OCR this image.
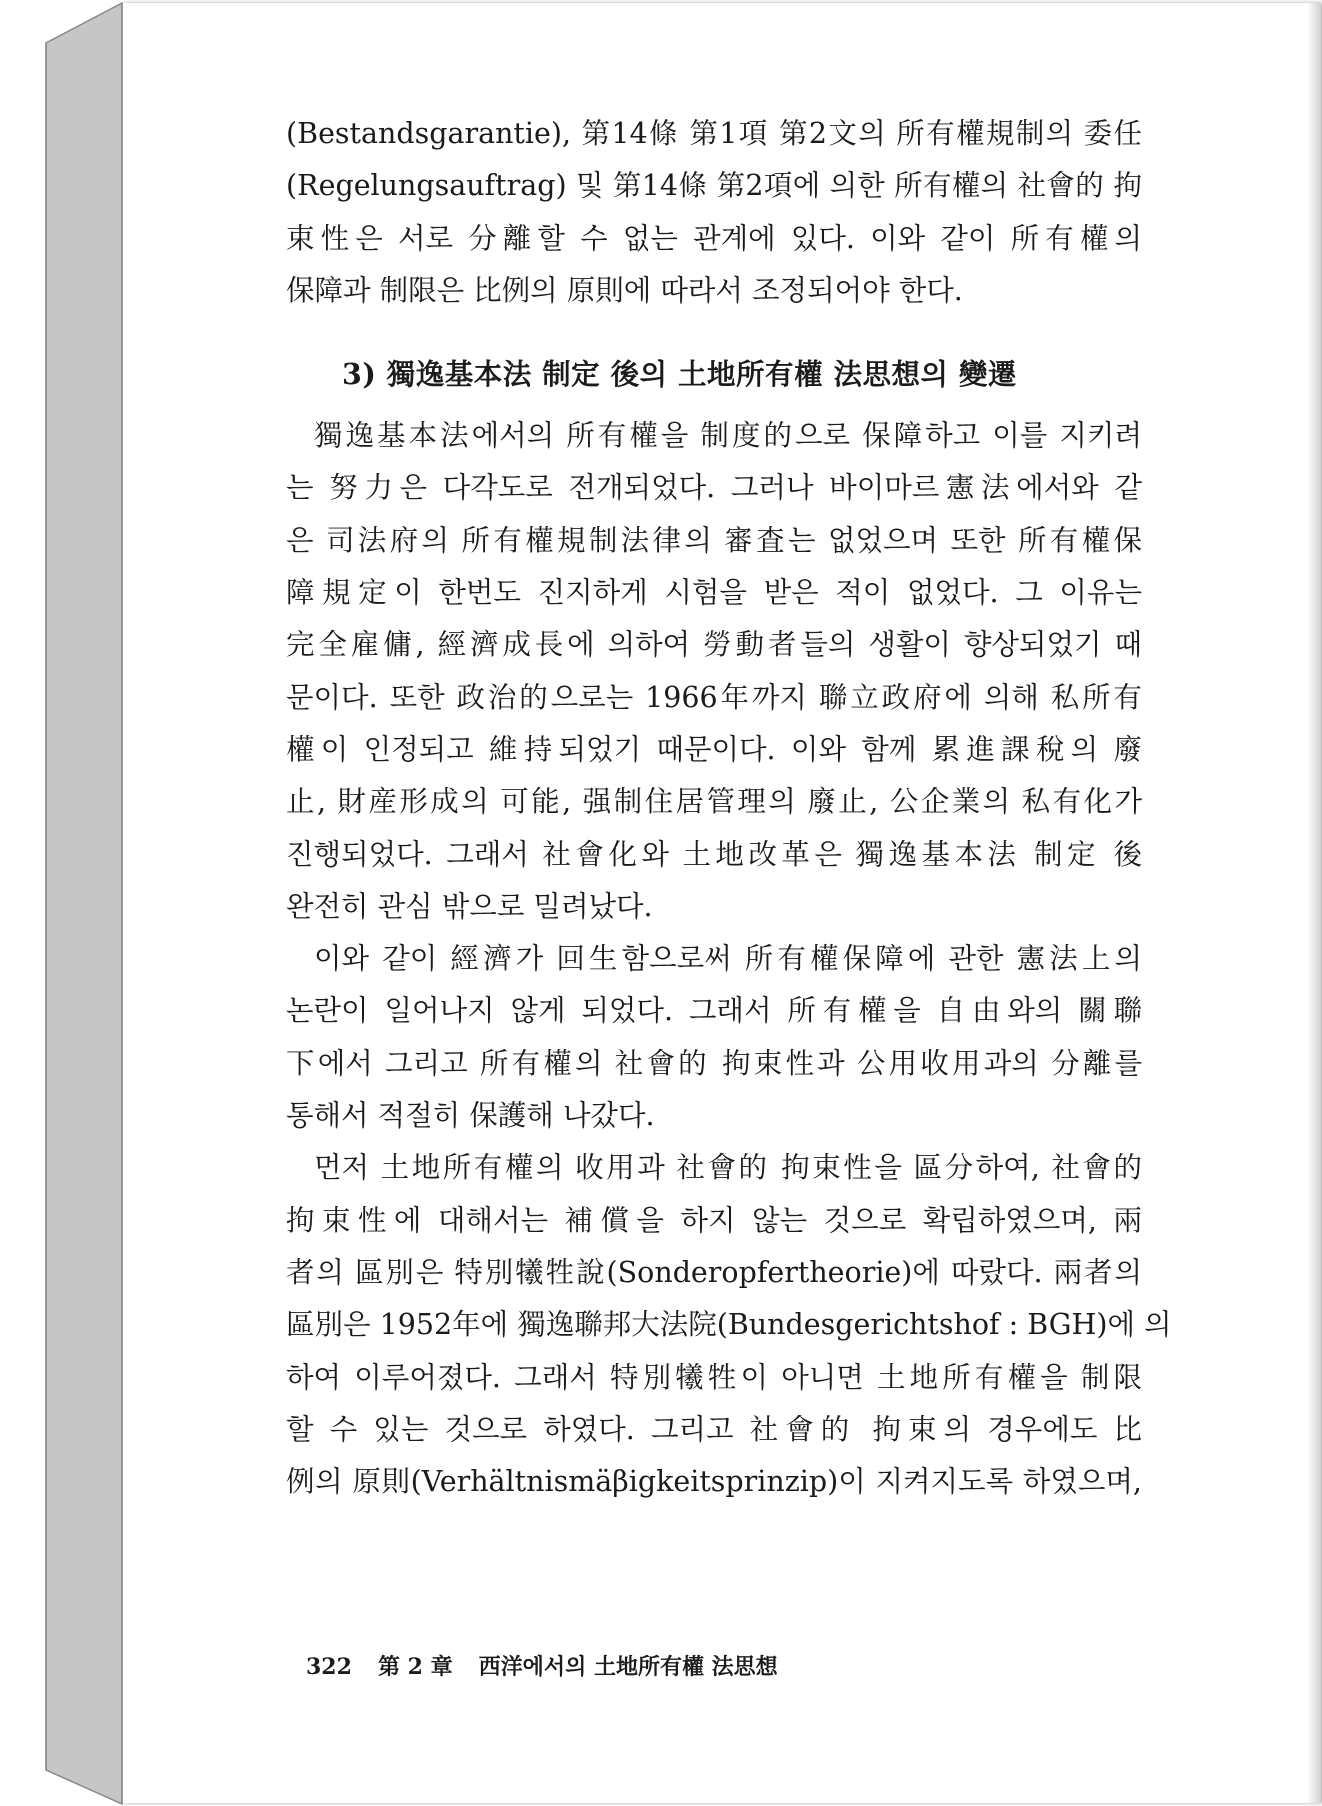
(Bestandsgarantie), 第14條 第1項 第2文의 所有權規制의 委任
(Regelungsauftrag) 및 第14條 第2項에 의한 所有權의 社會的 拘
束性은 서로 分離할 수 없는 관계에 있다. 이와 같이 所有權의
保障과 制限은 比例의 原則에 따라서 조정되어야 한다.
3) 獨逸基本法 制定 後의 土地所有權 法思想의 變遷
獨逸基本法에서의 所有權을 制度的으로 保障하고 이를 지키려
는 努力은 다각도로 전개되었다. 그러나 바이마르憲法에서와 같
은 司法府의 所有權規制法律의 審査는 없었으며 또한 所有權保
障規定이 한번도 진지하게 시험을 받은 적이 없었다. 그 이유는
完全雇傭, 經濟成長에 의하여 勞動者들의 생활이 향상되었기 때
문이다. 또한 政治的으로는 1966年까지 聯立政府에 의해 私所有
權이 인정되고 維持되었기 때문이다. 이와 함께 累進課稅의 廢
止, 財産形成의 可能, 强制住居管理의 廢止, 公企業의 私有化가
진행되었다. 그래서 社會化와 土地改革은 獨逸基本法 制定 後
완전히 관심 밖으로 밀려났다.
이와 같이 經濟가 回生함으로써 所有權保障에 관한 憲法上의
논란이 일어나지 않게 되었다. 그래서 所有權을 自由와의 關聯
下에서 그리고 所有權의 社會的 拘束性과 公用收用과의 分離를
통해서 적절히 保護해 나갔다.
먼저 土地所有權의 收用과 社會的 拘束性을 區分하여, 社會的
拘束性에 대해서는 補償을 하지 않는 것으로 확립하였으며, 兩
者의 區別은 特別犧牲說(Sonderopfertheorie)에 따랐다. 兩者의
區別은 1952年에 獨逸聯邦大法院(Bundesgerichtshof : BGH)에 의
하여 이루어졌다. 그래서 特別犧牲이 아니면 土地所有權을 制限
할 수 있는 것으로 하였다. 그리고 社會的 拘束의 경우에도 比
例의 原則(Verhältnismäβigkeitsprinzip)이 지켜지도록 하였으며,
322 第 2 章 西洋에서의 土地所有權 法思想
